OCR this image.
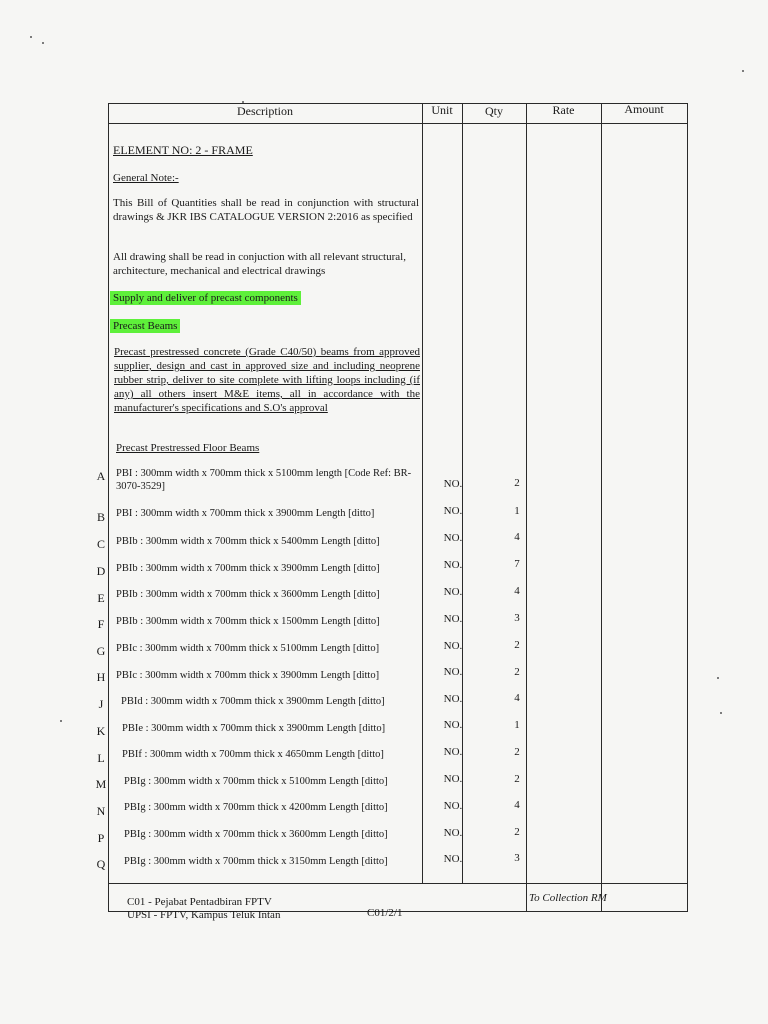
Description	Unit	Qty	Rate	Amount
ELEMENT NO: 2 - FRAME
General Note:-
This Bill of Quantities shall be read in conjunction with structural drawings & JKR IBS CATALOGUE VERSION 2:2016 as specified
All drawing shall be read in conjuction with all relevant structural, architecture, mechanical and electrical drawings
Supply and deliver of precast components
Precast Beams
Precast prestressed concrete (Grade C40/50) beams from approved supplier, design and cast in approved size and including neoprene rubber strip, deliver to site complete with lifting loops including (if any) all others insert M&E items, all in accordance with the manufacturer's specifications and S.O's approval
Precast Prestressed Floor Beams
A PBI : 300mm width x 700mm thick x 5100mm length [Code Ref: BR-3070-3529]	NO.	2
B PBI : 300mm width x 700mm thick x 3900mm Length [ditto]	NO.	1
C PBIb : 300mm width x 700mm thick x 5400mm Length [ditto]	NO.	4
D PBIb : 300mm width x 700mm thick x 3900mm Length [ditto]	NO.	7
E	PBIb : 300mm width x 700mm thick x 3600mm Length [ditto]	NO.	4
F	PBIb : 300mm width x 700mm thick x 1500mm Length [ditto]	NO.	3
G PBIc : 300mm width x 700mm thick x 5100mm Length [ditto]	NO.	2
H PBIc : 300mm width x 700mm thick x 3900mm Length [ditto]	NO.	2
J	PBId : 300mm width x 700mm thick x 3900mm Length [ditto]	NO.	4
K PBIe : 300mm width x 700mm thick x 3900mm Length [ditto]	NO.	1
L	PBIf : 300mm width x 700mm thick x 4650mm Length [ditto]	NO.	2
M PBIg : 300mm width x 700mm thick x 5100mm Length [ditto]	NO.	2
N PBIg : 300mm width x 700mm thick x 4200mm Length [ditto]	NO.	4
P	PBIg : 300mm width x 700mm thick x 3600mm Length [ditto]	NO.	2
Q PBIg : 300mm width x 700mm thick x 3150mm Length [ditto]	NO.	3
C01 - Pejabat Pentadbiran FPTV
UPSI - FPTV, Kampus Teluk Intan	C01/2/1
To Collection RM
